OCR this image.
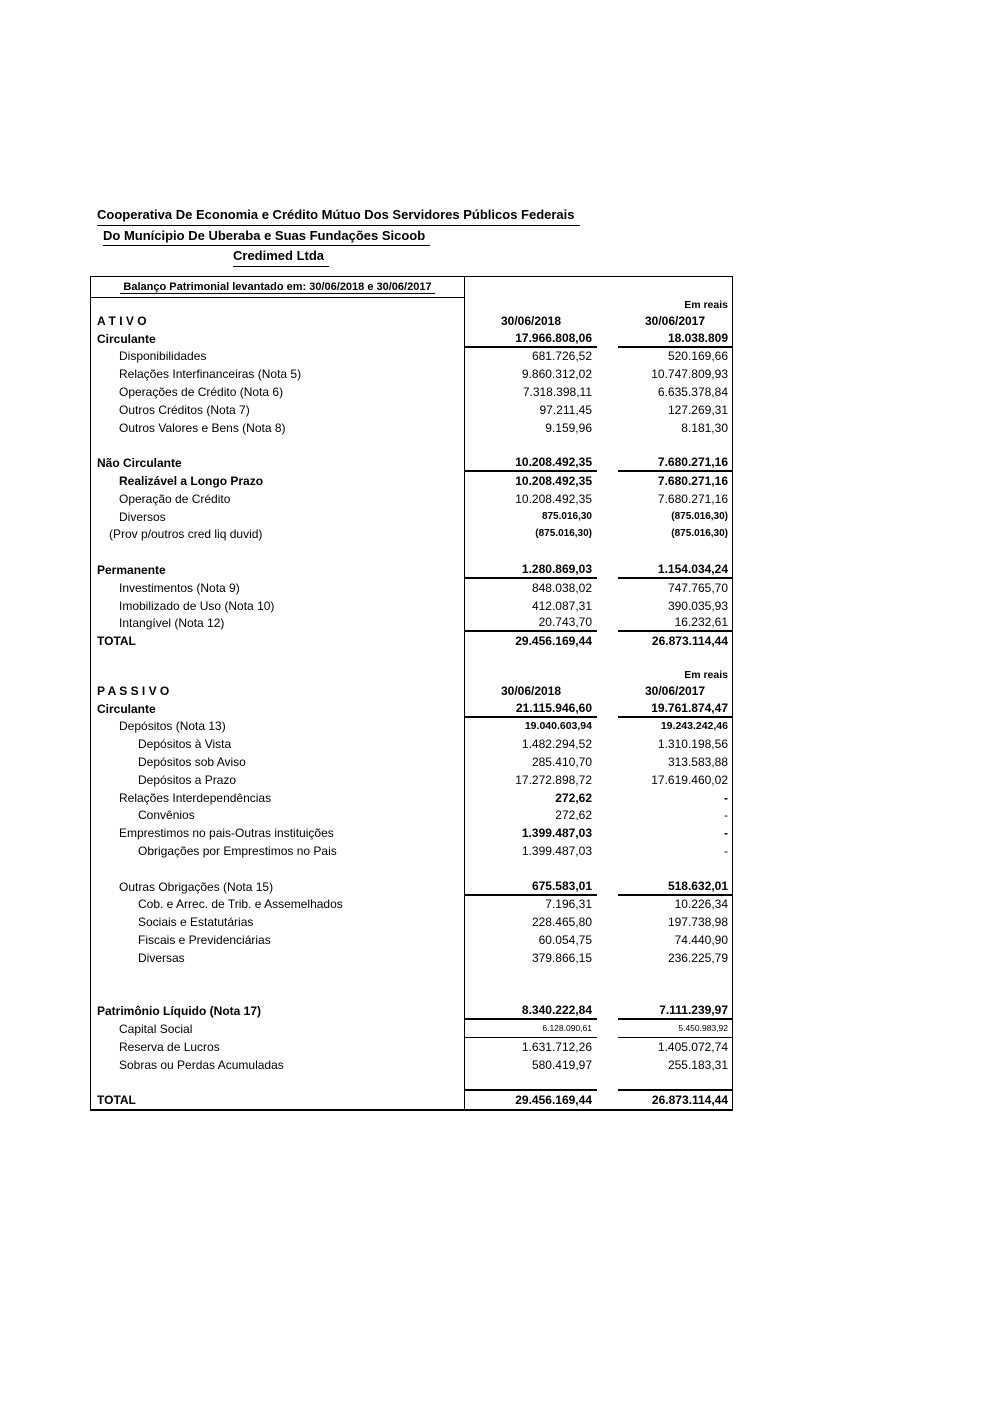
Cooperativa De Economia e Crédito Mútuo Dos Servidores Públicos Federais
Do Munícipio De Uberaba e Suas Fundações Sicoob
Credimed Ltda
Balanço Patrimonial levantado em: 30/06/2018 e 30/06/2017
Em reais
A T I V O	30/06/2018	30/06/2017
Circulante	17.966.808,06	18.038.809
Disponibilidades	681.726,52	520.169,66
Relações Interfinanceiras (Nota 5)	9.860.312,02	10.747.809,93
Operações de Crédito (Nota 6)	7.318.398,11	6.635.378,84
Outros Créditos (Nota 7)	97.211,45	127.269,31
Outros Valores e Bens (Nota 8)	9.159,96	8.181,30
Não Circulante	10.208.492,35	7.680.271,16
Realizável a Longo Prazo	10.208.492,35	7.680.271,16
Operação de Crédito	10.208.492,35	7.680.271,16
Diversos	875.016,30	(875.016,30)
(Prov p/outros cred liq duvid)	(875.016,30)	(875.016,30)
Permanente	1.280.869,03	1.154.034,24
Investimentos (Nota 9)	848.038,02	747.765,70
Imobilizado de Uso (Nota 10)	412.087,31	390.035,93
Intangível (Nota 12)	20.743,70	16.232,61
TOTAL	29.456.169,44	26.873.114,44
Em reais
P A S S I V O	30/06/2018	30/06/2017
Circulante	21.115.946,60	19.761.874,47
Depósitos (Nota 13)	19.040.603,94	19.243.242,46
Depósitos à Vista	1.482.294,52	1.310.198,56
Depósitos sob Aviso	285.410,70	313.583,88
Depósitos a Prazo	17.272.898,72	17.619.460,02
Relações Interdependências	272,62	-
Convênios	272,62	-
Emprestimos no pais-Outras instituições	1.399.487,03	-
Obrigações por Emprestimos no Pais	1.399.487,03	-
Outras Obrigações (Nota 15)	675.583,01	518.632,01
Cob. e Arrec. de Trib. e Assemelhados	7.196,31	10.226,34
Sociais e Estatutárias	228.465,80	197.738,98
Fiscais e Previdenciárias	60.054,75	74.440,90
Diversas	379.866,15	236.225,79
Patrimônio Líquido (Nota 17)	8.340.222,84	7.111.239,97
Capital Social	6.128.090,61	5.450.983,92
Reserva de Lucros	1.631.712,26	1.405.072,74
Sobras ou Perdas Acumuladas	580.419,97	255.183,31
TOTAL	29.456.169,44	26.873.114,44
